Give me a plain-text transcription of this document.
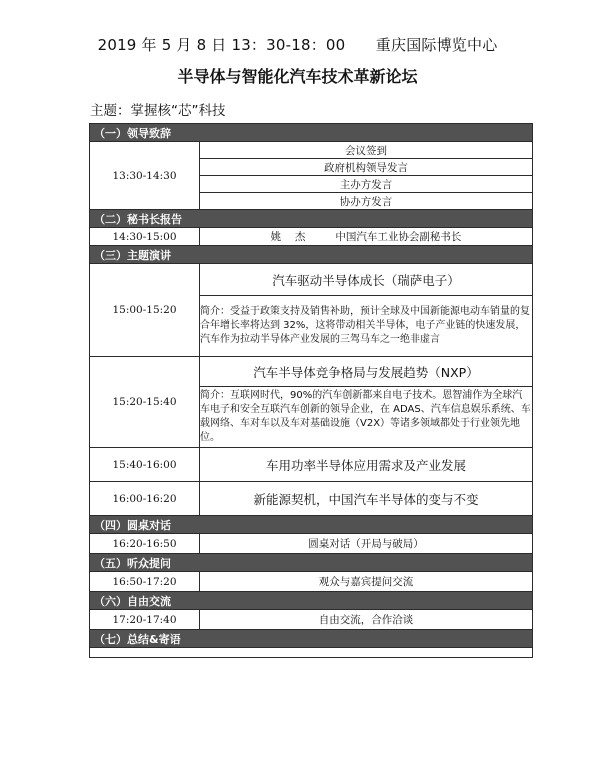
2019 年 5 月 8 日 13：30-18：00　　重庆国际博览中心
半导体与智能化汽车技术革新论坛
主题：掌握核“芯”科技
（一）领导致辞	
13:30-14:30	会议签到
	政府机构领导发言
	主办方发言
	协办方发言
（二）秘书长报告	
14:30-15:00	姚　 杰 中国汽车工业协会副秘书长
（三）主题演讲	
15:00-15:20	汽车驱动半导体成长（瑞萨电子）
	简介：受益于政策支持及销售补助，预计全球及中国新能源电动车销量的复合年增长率将达到 32%，这将带动相关半导体，电子产业链的快速发展，汽车作为拉动半导体产业发展的三驾马车之一绝非虚言
15:20-15:40	汽车半导体竞争格局与发展趋势（NXP）
	简介：互联网时代，90%的汽车创新都来自电子技术。恩智浦作为全球汽车电子和安全互联汽车创新的领导企业，在 ADAS、汽车信息娱乐系统、车载网络、车对车以及车对基础设施（V2X）等诸多领域都处于行业领先地位。
15:40-16:00	车用功率半导体应用需求及产业发展
16:00-16:20	新能源契机，中国汽车半导体的变与不变
（四）圆桌对话	
16:20-16:50	圆桌对话（开局与破局）
（五）听众提问	
16:50-17:20	观众与嘉宾提问交流
（六）自由交流	
17:20-17:40	自由交流，合作洽谈
（七）总结&寄语	
